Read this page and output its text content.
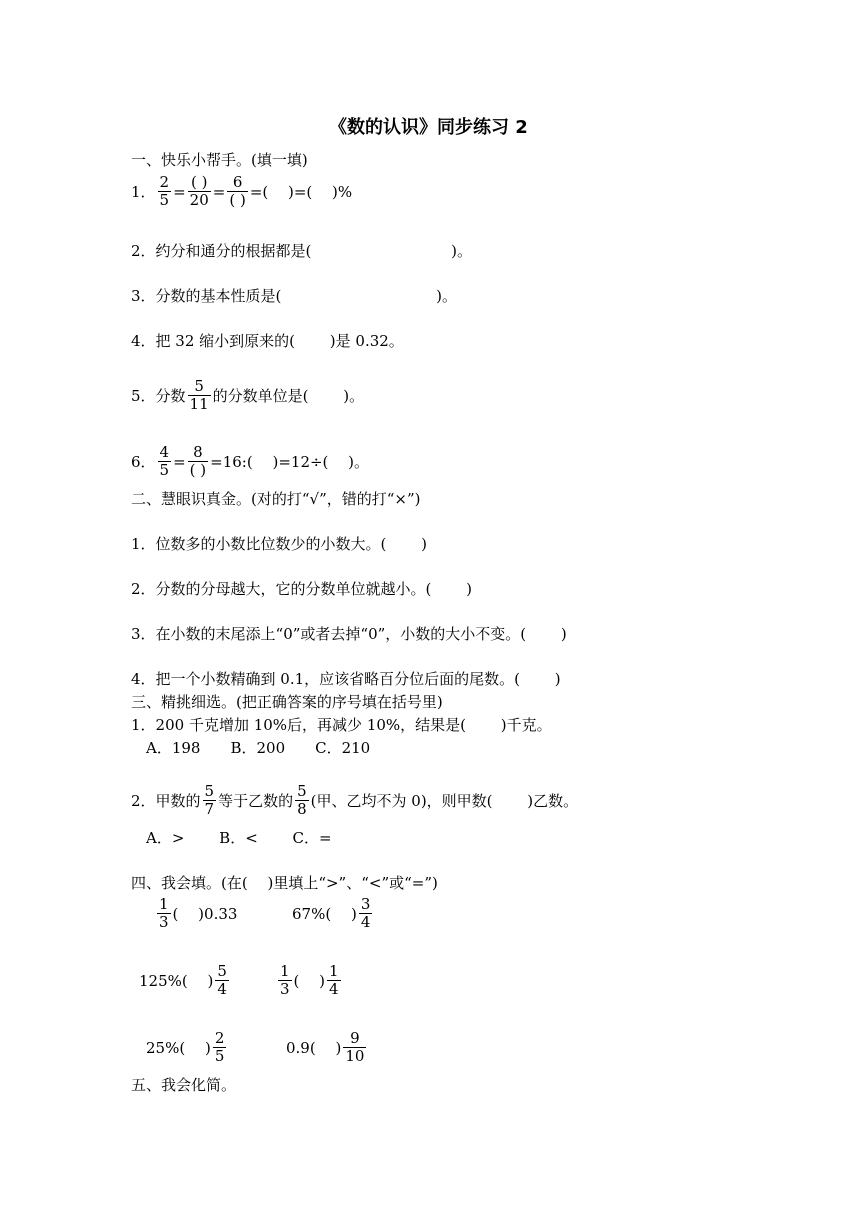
《数的认识》同步练习 2
一、快乐小帮手。(填一填)
1． $\frac{2}{5} = \frac{( )}{20} = \frac{6}{( )}$ =(　 )=(　 )%
2．约分和通分的根据都是(　　　　　　　　　 )。
3．分数的基本性质是(　　　　　　　　　　 )。
4．把 32 缩小到原来的(　　 )是 0.32。
5．分数 $\frac{5}{11}$ 的分数单位是(　　 )。
6． $\frac{4}{5} = \frac{8}{( )}$ =16:(　 )=12÷(　 )。
二、慧眼识真金。(对的打“√”，错的打“×”)
1．位数多的小数比位数少的小数大。(　　 )
2．分数的分母越大，它的分数单位就越小。(　　 )
3．在小数的末尾添上“0”或者去掉“0”，小数的大小不变。(　　 )
4．把一个小数精确到 0.1，应该省略百分位后面的尾数。(　　 )
三、精挑细选。(把正确答案的序号填在括号里)
1．200 千克增加 10%后，再减少 10%，结果是(　　 )千克。
A．198　　B．200　　C．210
2．甲数的 $\frac{5}{7}$ 等于乙数的 $\frac{5}{8}$ (甲、乙均不为 0)，则甲数(　　 )乙数。
A．>　　 B．<　　 C．=
四、我会填。(在(　 )里填上“>”、“<”或“=”)
$\frac{1}{3}$ (　 )0.33	67%(　 ) $\frac{3}{4}$
125%(　 ) $\frac{5}{4}$	$\frac{1}{3}$ (　 ) $\frac{1}{4}$
25%(　 ) $\frac{2}{5}$	0.9(　 ) $\frac{9}{10}$
五、我会化简。
